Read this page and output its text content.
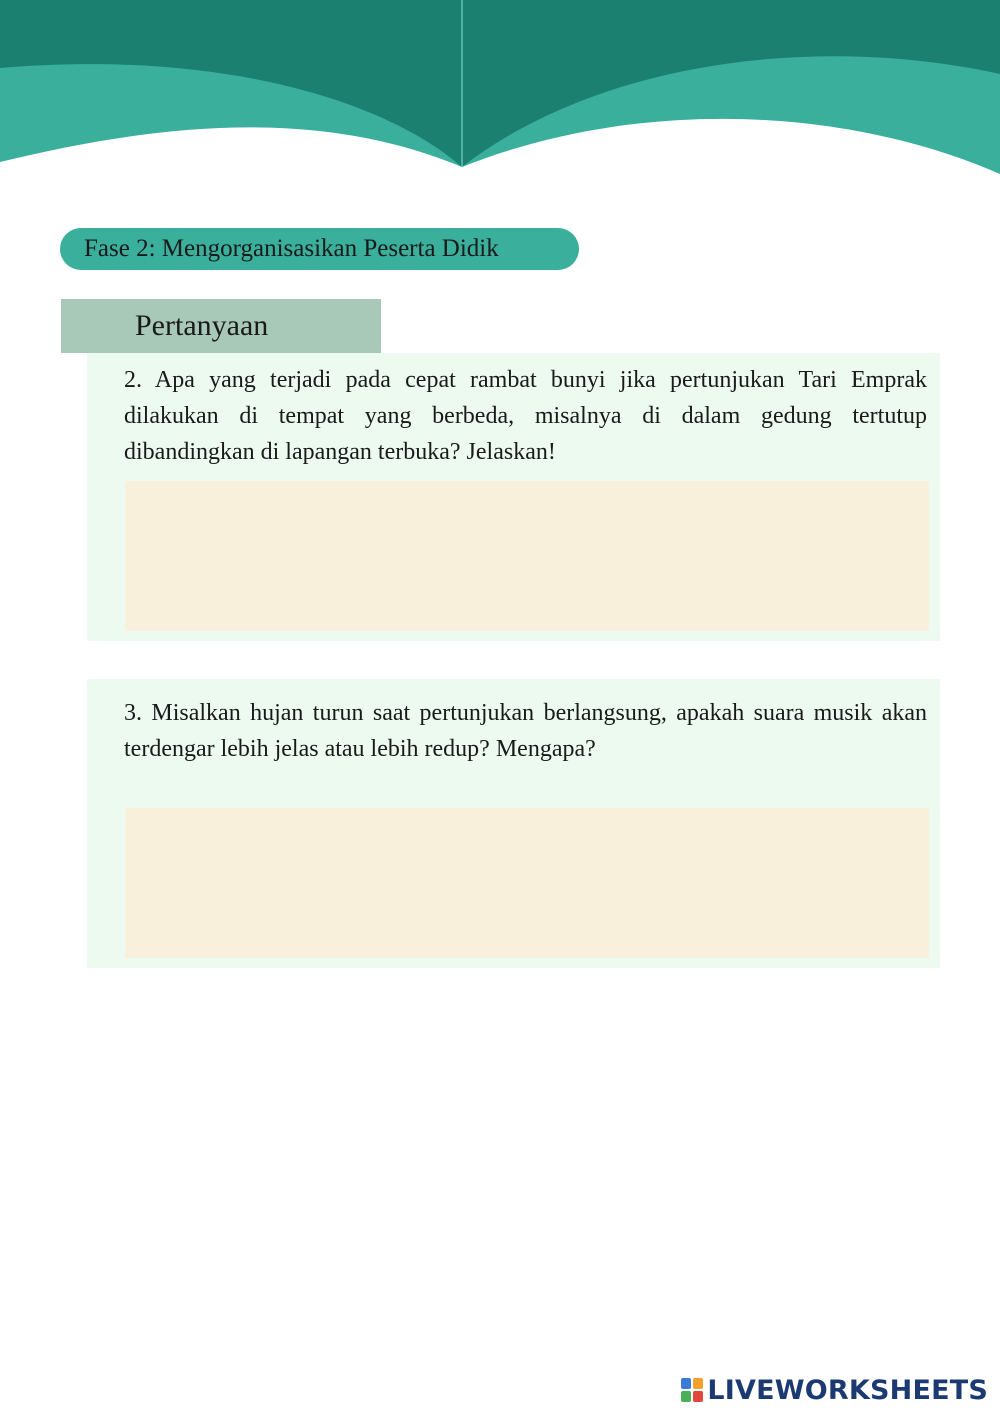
Fase 2: Mengorganisasikan Peserta Didik
Pertanyaan
2. Apa yang terjadi pada cepat rambat bunyi jika pertunjukan Tari Emprak dilakukan di tempat yang berbeda, misalnya di dalam gedung tertutup dibandingkan di lapangan terbuka? Jelaskan!
3. Misalkan hujan turun saat pertunjukan berlangsung, apakah suara musik akan terdengar lebih jelas atau lebih redup? Mengapa?
LIVEWORKSHEETS
